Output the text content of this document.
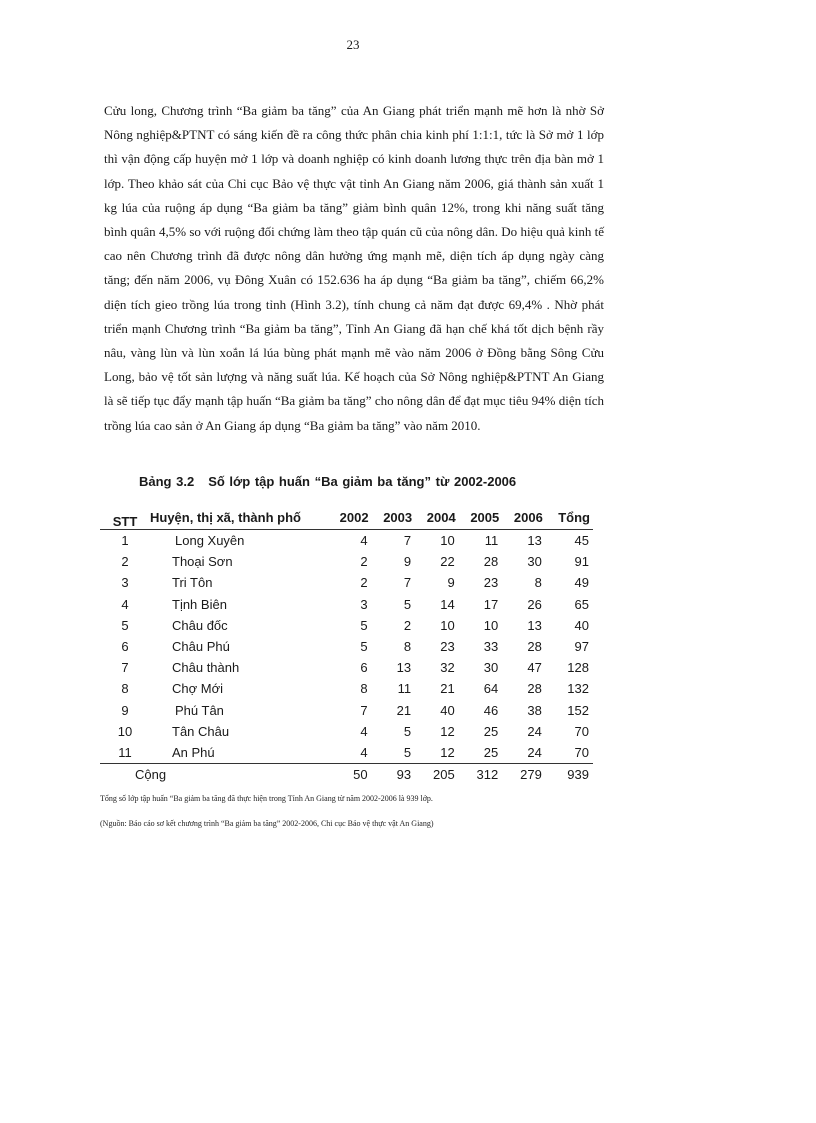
23

Cửu long, Chương trình “Ba giảm ba tăng” của An Giang phát triển mạnh mẽ hơn là nhờ Sở Nông nghiệp&PTNT có sáng kiến đề ra công thức phân chia kinh phí 1:1:1, tức là Sở mở 1 lớp thì vận động cấp huyện mở 1 lớp và doanh nghiệp có kinh doanh lương thực trên địa bàn mở 1 lớp. Theo khảo sát của Chi cục Bảo vệ thực vật tỉnh An Giang năm 2006, giá thành sản xuất 1 kg lúa của ruộng áp dụng “Ba giảm ba tăng” giảm bình quân 12%, trong khi năng suất tăng bình quân 4,5% so với ruộng đối chứng làm theo tập quán cũ của nông dân. Do hiệu quả kinh tế cao nên Chương trình đã được nông dân hưởng ứng mạnh mẽ, diện tích áp dụng ngày càng tăng; đến năm 2006, vụ Đông Xuân có 152.636 ha áp dụng “Ba giảm ba tăng”, chiếm 66,2% diện tích gieo trồng lúa trong tỉnh (Hình 3.2), tính chung cả năm đạt được 69,4% . Nhờ phát triển mạnh Chương trình “Ba giảm ba tăng”, Tỉnh An Giang đã hạn chế khá tốt dịch bệnh rầy nâu, vàng lùn và lùn xoắn lá lúa bùng phát mạnh mẽ vào năm 2006 ở Đồng bằng Sông Cửu Long, bảo vệ tốt sản lượng và năng suất lúa. Kế hoạch của Sở Nông nghiệp&PTNT An Giang là sẽ tiếp tục đẩy mạnh tập huấn “Ba giảm ba tăng” cho nông dân để đạt mục tiêu 94% diện tích trồng lúa cao sản ở An Giang áp dụng “Ba giảm ba tăng” vào năm 2010.

Bảng 3.2 Số lớp tập huấn “Ba giảm ba tăng” từ 2002-2006
STT	Huyện, thị xã, thành phố	2002	2003	2004	2005	2006	Tổng
1	Long Xuyên	4	7	10	11	13	45
2	Thoại Sơn	2	9	22	28	30	91
3	Tri Tôn	2	7	9	23	8	49
4	Tịnh Biên	3	5	14	17	26	65
5	Châu đốc	5	2	10	10	13	40
6	Châu Phú	5	8	23	33	28	97
7	Châu thành	6	13	32	30	47	128
8	Chợ Mới	8	11	21	64	28	132
9	Phú Tân	7	21	40	46	38	152
10	Tân Châu	4	5	12	25	24	70
11	An Phú	4	5	12	25	24	70
Cộng		50	93	205	312	279	939
Tổng số lớp tập huấn “Ba giảm ba tăng đã thực hiện trong Tỉnh An Giang từ năm 2002-2006 là 939 lớp.
(Nguồn: Báo cáo sơ kết chương trình “Ba giảm ba tăng” 2002-2006, Chi cục Bảo vệ thực vật An Giang)
